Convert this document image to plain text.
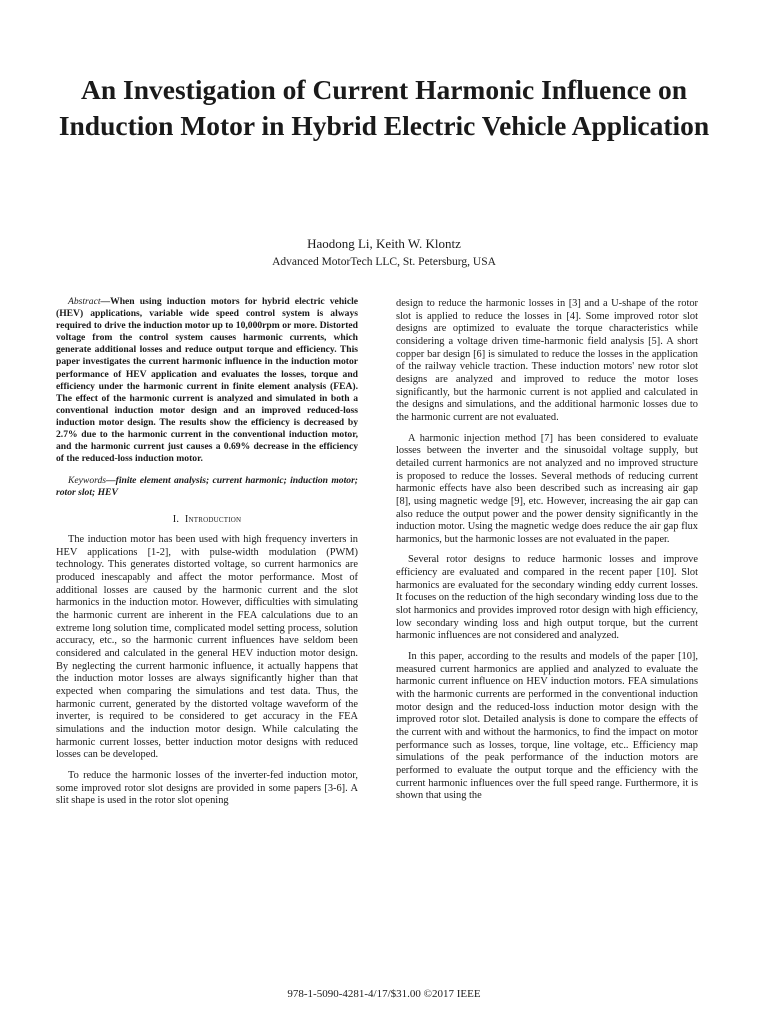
An Investigation of Current Harmonic Influence on Induction Motor in Hybrid Electric Vehicle Application
Haodong Li, Keith W. Klontz
Advanced MotorTech LLC, St. Petersburg, USA

Abstract—When using induction motors for hybrid electric vehicle (HEV) applications, variable wide speed control system is always required to drive the induction motor up to 10,000rpm or more. Distorted voltage from the control system causes harmonic currents, which generate additional losses and reduce output torque and efficiency. This paper investigates the current harmonic influence in the induction motor performance of HEV application and evaluates the losses, torque and efficiency under the harmonic current in finite element analysis (FEA). The effect of the harmonic current is analyzed and simulated in both a conventional induction motor design and an improved reduced-loss induction motor design. The results show the efficiency is decreased by 2.7% due to the harmonic current in the conventional induction motor, and the harmonic current just causes a 0.69% decrease in the efficiency of the reduced-loss induction motor.

Keywords—finite element analysis; current harmonic; induction motor; rotor slot; HEV

I. Introduction

The induction motor has been used with high frequency inverters in HEV applications [1-2], with pulse-width modulation (PWM) technology. This generates distorted voltage, so current harmonics are produced inescapably and affect the motor performance. Most of additional losses are caused by the harmonic current and the slot harmonics in the induction motor. However, difficulties with simulating the harmonic current are inherent in the FEA calculations due to an extreme long solution time, complicated model setting process, solution accuracy, etc., so the harmonic current influences have seldom been considered and calculated in the general HEV induction motor design. By neglecting the current harmonic influence, it actually happens that the induction motor losses are always significantly higher than that expected when comparing the simulations and test data. Thus, the harmonic current, generated by the distorted voltage waveform of the inverter, is required to be considered to get accuracy in the FEA simulations and the induction motor design. While calculating the harmonic current losses, better induction motor designs with reduced losses can be developed.

To reduce the harmonic losses of the inverter-fed induction motor, some improved rotor slot designs are provided in some papers [3-6]. A slit shape is used in the rotor slot opening

design to reduce the harmonic losses in [3] and a U-shape of the rotor slot is applied to reduce the losses in [4]. Some improved rotor slot designs are optimized to evaluate the torque characteristics while considering a voltage driven time-harmonic field analysis [5]. A short copper bar design [6] is simulated to reduce the losses in the application of the railway vehicle traction. These induction motors' new rotor slot designs are analyzed and improved to reduce the motor loses significantly, but the harmonic current is not applied and calculated in the designs and simulations, and the additional harmonic losses due to the harmonic current are not evaluated.

A harmonic injection method [7] has been considered to evaluate losses between the inverter and the sinusoidal voltage supply, but detailed current harmonics are not analyzed and no improved structure is proposed to reduce the losses. Several methods of reducing current harmonic effects have also been described such as increasing air gap [8], using magnetic wedge [9], etc. However, increasing the air gap can also reduce the output power and the power density significantly in the induction motor. Using the magnetic wedge does reduce the air gap flux harmonics, but the harmonic losses are not evaluated in the paper.

Several rotor designs to reduce harmonic losses and improve efficiency are evaluated and compared in the recent paper [10]. Slot harmonics are evaluated for the secondary winding eddy current losses. It focuses on the reduction of the high secondary winding loss due to the slot harmonics and provides improved rotor design with high efficiency, low secondary winding loss and high output torque, but the current harmonic influences are not considered and analyzed.

In this paper, according to the results and models of the paper [10], measured current harmonics are applied and analyzed to evaluate the harmonic current influence on HEV induction motors. FEA simulations with the harmonic currents are performed in the conventional induction motor design and the reduced-loss induction motor design with the improved rotor slot. Detailed analysis is done to compare the effects of the current with and without the harmonics, to find the impact on motor performance such as losses, torque, line voltage, etc.. Efficiency map simulations of the peak performance of the induction motors are performed to evaluate the output torque and the efficiency with the current harmonic influences over the full speed range. Furthermore, it is shown that using the

978-1-5090-4281-4/17/$31.00 ©2017 IEEE
